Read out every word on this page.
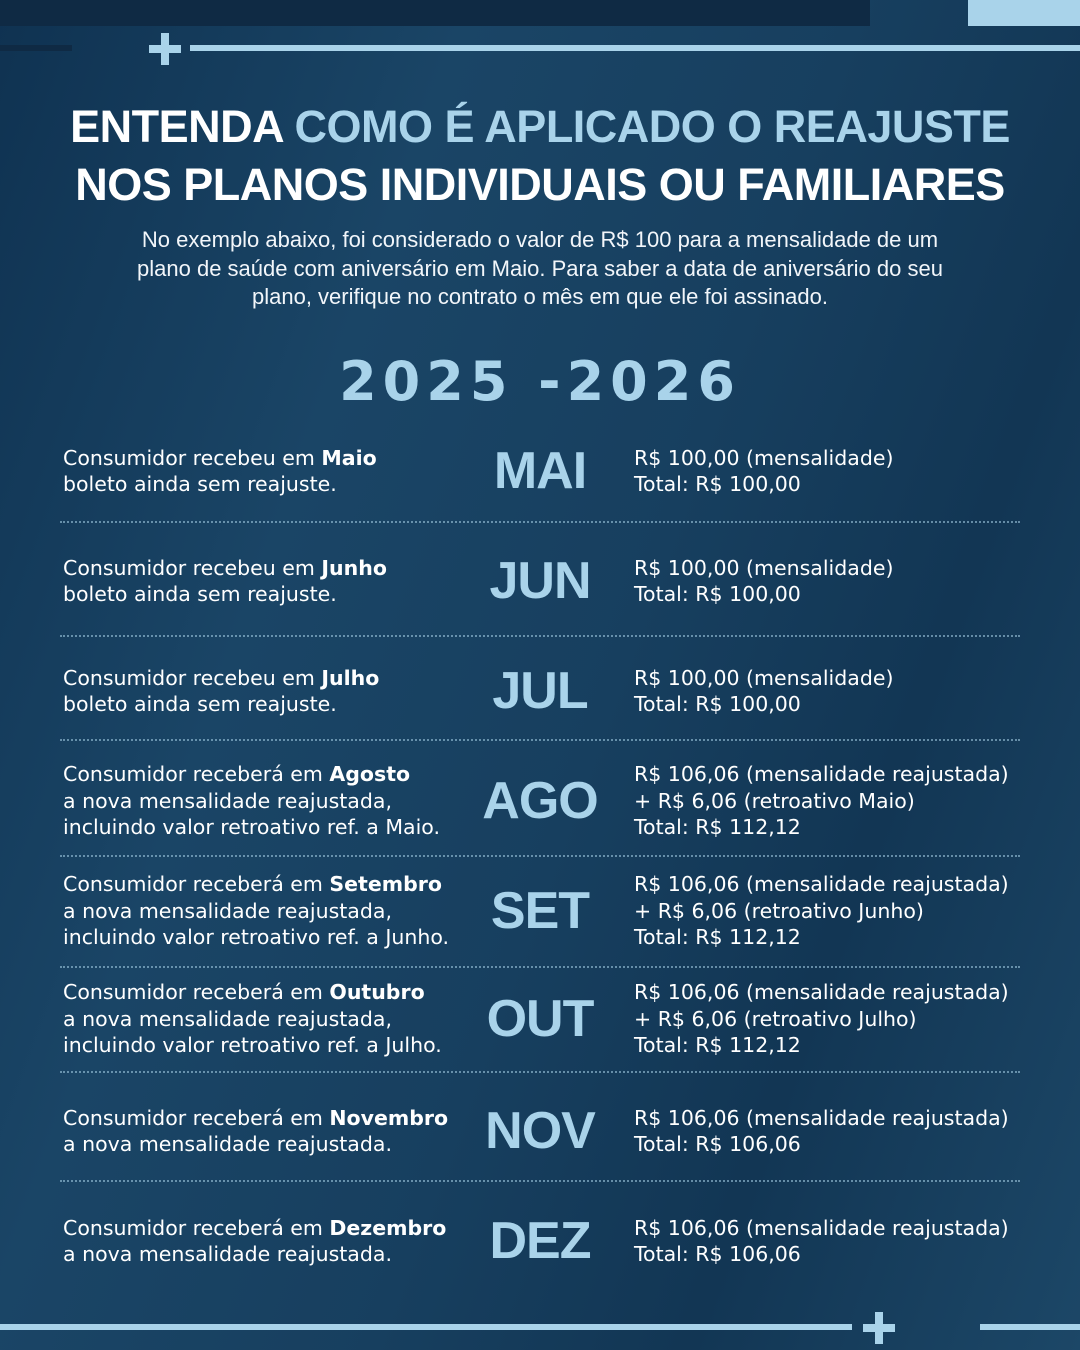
ENTENDA COMO É APLICADO O REAJUSTE
NOS PLANOS INDIVIDUAIS OU FAMILIARES
No exemplo abaixo, foi considerado o valor de R$ 100 para a mensalidade de um
plano de saúde com aniversário em Maio. Para saber a data de aniversário do seu
plano, verifique no contrato o mês em que ele foi assinado.
2025 -2026
Consumidor recebeu em Maio
boleto ainda sem reajuste.	MAI	R$ 100,00 (mensalidade)
Total: R$ 100,00
Consumidor recebeu em Junho
boleto ainda sem reajuste.	JUN	R$ 100,00 (mensalidade)
Total: R$ 100,00
Consumidor recebeu em Julho
boleto ainda sem reajuste.	JUL	R$ 100,00 (mensalidade)
Total: R$ 100,00
Consumidor receberá em Agosto
a nova mensalidade reajustada,
incluindo valor retroativo ref. a Maio. AGO	R$ 106,06 (mensalidade reajustada)
+ R$ 6,06 (retroativo Maio)
Total: R$ 112,12
Consumidor receberá em Setembro
a nova mensalidade reajustada,
incluindo valor retroativo ref. a Junho. SET	R$ 106,06 (mensalidade reajustada)
+ R$ 6,06 (retroativo Junho)
Total: R$ 112,12
Consumidor receberá em Outubro
a nova mensalidade reajustada,
incluindo valor retroativo ref. a Julho. OUT	R$ 106,06 (mensalidade reajustada)
+ R$ 6,06 (retroativo Julho)
Total: R$ 112,12
Consumidor receberá em Novembro
a nova mensalidade reajustada.	NOV	R$ 106,06 (mensalidade reajustada)
Total: R$ 106,06
Consumidor receberá em Dezembro
a nova mensalidade reajustada.	DEZ	R$ 106,06 (mensalidade reajustada)
Total: R$ 106,06
